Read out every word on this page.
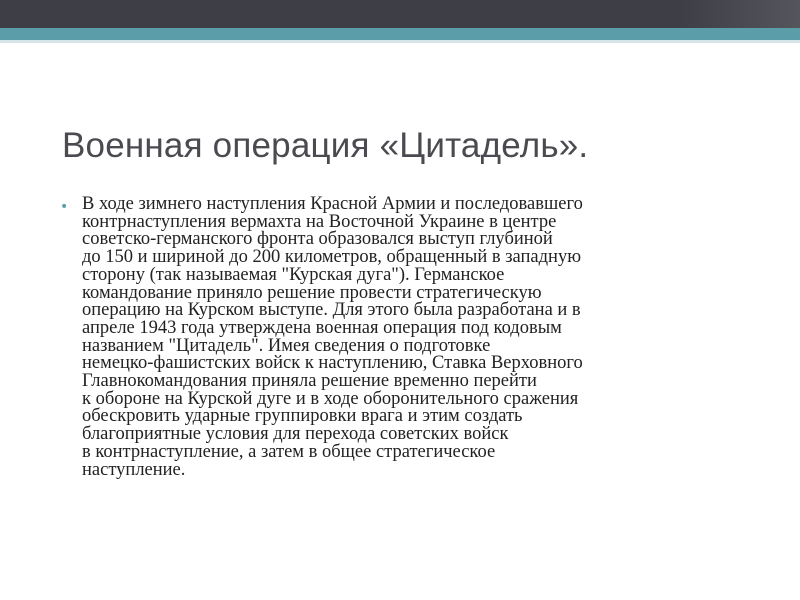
Военная операция «Цитадель».
• В ходе зимнего наступления Красной Армии и последовавшего
контрнаступления вермахта на Восточной Украине в центре
советско-германского фронта образовался выступ глубиной
до 150 и шириной до 200 километров, обращенный в западную
сторону (так называемая "Курская дуга"). Германское
командование приняло решение провести стратегическую
операцию на Курском выступе. Для этого была разработана и в
апреле 1943 года утверждена военная операция под кодовым
названием "Цитадель". Имея сведения о подготовке
немецко-фашистских войск к наступлению, Ставка Верховного
Главнокомандования приняла решение временно перейти
к обороне на Курской дуге и в ходе оборонительного сражения
обескровить ударные группировки врага и этим создать
благоприятные условия для перехода советских войск
в контрнаступление, а затем в общее стратегическое
наступление.
